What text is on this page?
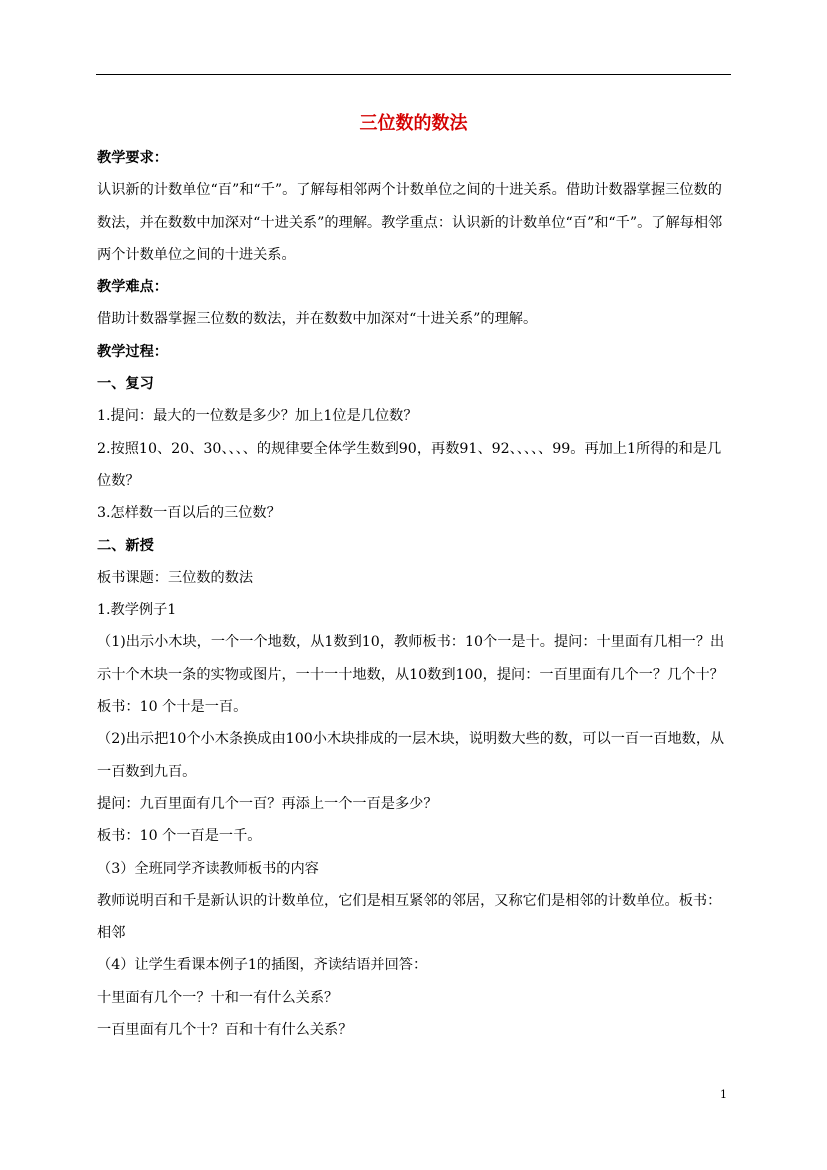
三位数的数法

教学要求：

认识新的计数单位“百”和“千”。了解每相邻两个计数单位之间的十进关系。借助计数器掌握三位数的数法，并在数数中加深对“十进关系”的理解。教学重点：认识新的计数单位“百”和“千”。了解每相邻两个计数单位之间的十进关系。

教学难点：

借助计数器掌握三位数的数法，并在数数中加深对“十进关系”的理解。

教学过程：

一、复习

1.提问：最大的一位数是多少？加上1位是几位数？

2.按照10、20、30、、、、的规律要全体学生数到90，再数91、92、、、、、99。再加上1所得的和是几位数？

3.怎样数一百以后的三位数？

二、新授

板书课题：三位数的数法

1.教学例子1

（1)出示小木块，一个一个地数，从1数到10，教师板书：10个一是十。提问：十里面有几相一？出示十个木块一条的实物或图片，一十一十地数，从10数到100，提问：一百里面有几个一？几个十？

板书：10 个十是一百。

（2)出示把10个小木条换成由100小木块排成的一层木块，说明数大些的数，可以一百一百地数，从一百数到九百。

提问：九百里面有几个一百？再添上一个一百是多少？

板书：10 个一百是一千。

（3）全班同学齐读教师板书的内容

教师说明百和千是新认识的计数单位，它们是相互紧邻的邻居，又称它们是相邻的计数单位。板书：相邻

（4）让学生看课本例子1的插图，齐读结语并回答：

十里面有几个一？十和一有什么关系？

一百里面有几个十？百和十有什么关系？

1
